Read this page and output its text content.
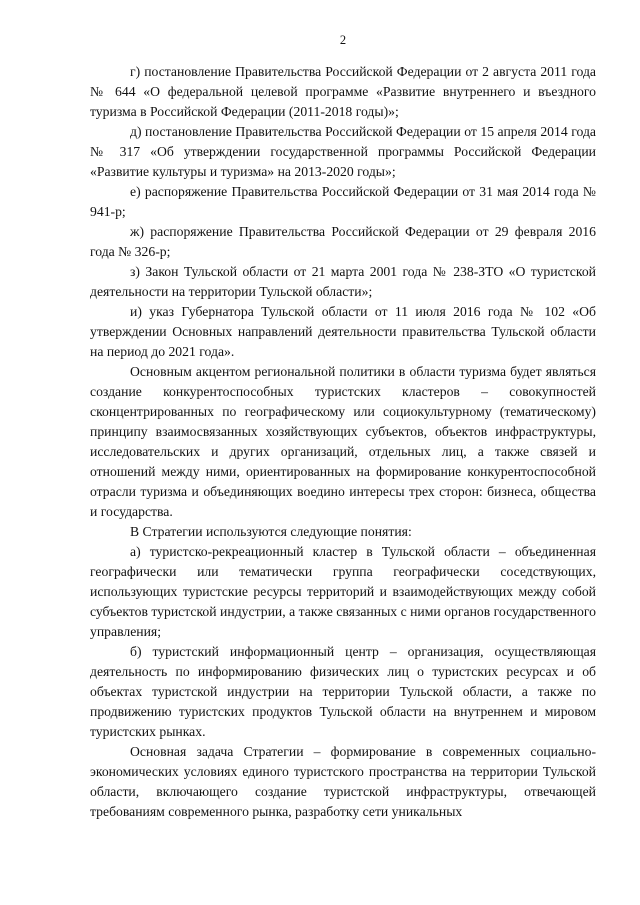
2

г) постановление Правительства Российской Федерации от 2 августа 2011 года № 644 «О федеральной целевой программе «Развитие внутреннего и въездного туризма в Российской Федерации (2011-2018 годы)»;

д) постановление Правительства Российской Федерации от 15 апреля 2014 года № 317 «Об утверждении государственной программы Российской Федерации «Развитие культуры и туризма» на 2013-2020 годы»;

е) распоряжение Правительства Российской Федерации от 31 мая 2014 года № 941-р;

ж) распоряжение Правительства Российской Федерации от 29 февраля 2016 года № 326-р;

з) Закон Тульской области от 21 марта 2001 года № 238-ЗТО «О туристской деятельности на территории Тульской области»;

и) указ Губернатора Тульской области от 11 июля 2016 года № 102 «Об утверждении Основных направлений деятельности правительства Тульской области на период до 2021 года».

Основным акцентом региональной политики в области туризма будет являться создание конкурентоспособных туристских кластеров – совокупностей сконцентрированных по географическому или социокультурному (тематическому) принципу взаимосвязанных хозяйствующих субъектов, объектов инфраструктуры, исследовательских и других организаций, отдельных лиц, а также связей и отношений между ними, ориентированных на формирование конкурентоспособной отрасли туризма и объединяющих воедино интересы трех сторон: бизнеса, общества и государства.

В Стратегии используются следующие понятия:

а) туристско-рекреационный кластер в Тульской области – объединенная географически или тематически группа географически соседствующих, использующих туристские ресурсы территорий и взаимодействующих между собой субъектов туристской индустрии, а также связанных с ними органов государственного управления;

б) туристский информационный центр – организация, осуществляющая деятельность по информированию физических лиц о туристских ресурсах и об объектах туристской индустрии на территории Тульской области, а также по продвижению туристских продуктов Тульской области на внутреннем и мировом туристских рынках.

Основная задача Стратегии – формирование в современных социально-экономических условиях единого туристского пространства на территории Тульской области, включающего создание туристской инфраструктуры, отвечающей требованиям современного рынка, разработку сети уникальных
